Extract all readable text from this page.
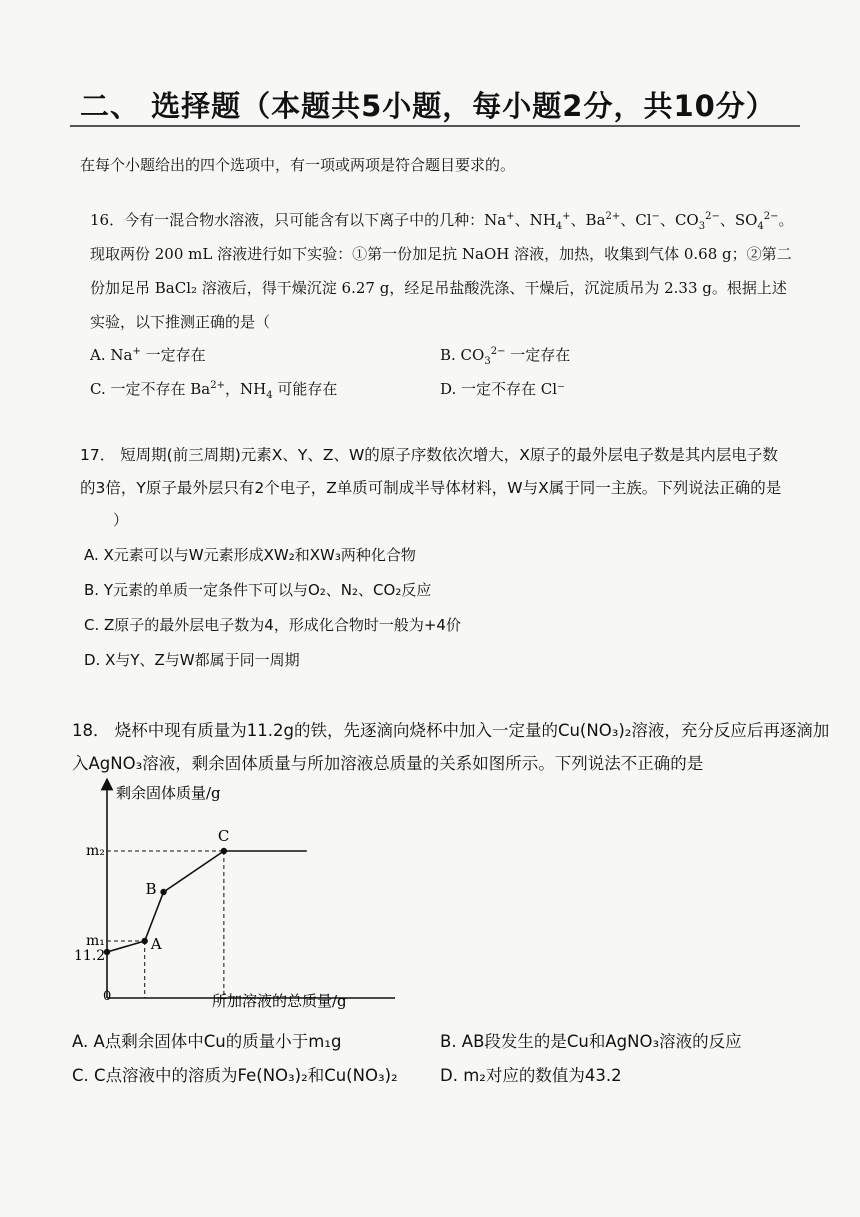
二、 选择题（本题共5小题，每小题2分，共10分）
在每个小题给出的四个选项中，有一项或两项是符合题目要求的。
16．今有一混合物水溶液，只可能含有以下离子中的几种：Na+、$NH_4^+$、$Ba^{2+}$、Cl−、$CO_3^{2-}$、$SO_4^{2-}$。
现取两份 200 mL 溶液进行如下实验：①第一份加足抗 NaOH 溶液，加热，收集到气体 0.68 g；②第二
份加足吊 BaCl₂ 溶液后，得干燥沉淀 6.27 g，经足吊盐酸洗涤、干燥后，沉淀质吊为 2.33 g。根据上述
实验，以下推测正确的是（
A. Na+ 一定存在	B. $CO_3^{2-}$ 一定存在
C. 一定不存在 $Ba^{2+}$，$NH_4$ 可能存在	D. 一定不存在 Cl⁻
17． 短周期(前三周期)元素X、Y、Z、W的原子序数依次增大，X原子的最外层电子数是其内层电子数
的3倍，Y原子最外层只有2个电子，Z单质可制成半导体材料，W与X属于同一主族。下列说法正确的是
）
A. X元素可以与W元素形成XW₂和XW₃两种化合物
B. Y元素的单质一定条件下可以与O₂、N₂、CO₂反应
C. Z原子的最外层电子数为4，形成化合物时一般为+4价
D. X与Y、Z与W都属于同一周期
18． 烧杯中现有质量为11.2g的铁，先逐滴向烧杯中加入一定量的Cu(NO₃)₂溶液，充分反应后再逐滴加
入AgNO₃溶液，剩余固体质量与所加溶液总质量的关系如图所示。下列说法不正确的是
剩余固体质量/g
所加溶液的总质量/g
0
11.2
m₁
m₂
A
B
C
A. A点剩余固体中Cu的质量小于m₁g	B. AB段发生的是Cu和AgNO₃溶液的反应
C. C点溶液中的溶质为Fe(NO₃)₂和Cu(NO₃)₂	D. m₂对应的数值为43.2
